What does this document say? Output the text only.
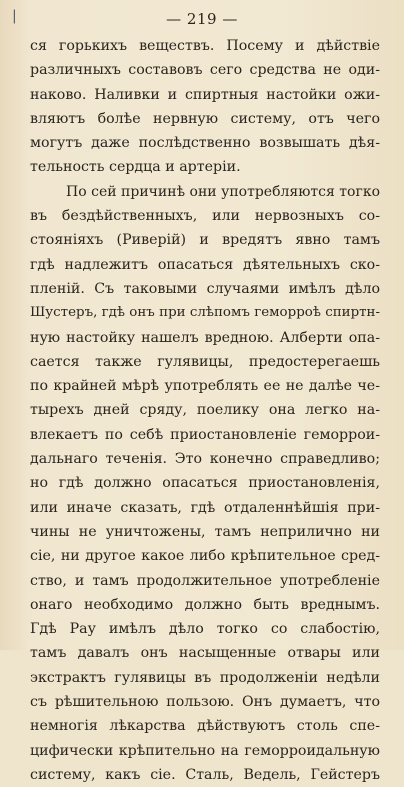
|	— 219 —
ся горькихъ веществъ. Посему и дѣйствіе
различныхъ составовъ сего средства не оди-
наково. Наливки и спиртныя настойки ожи-
вляютъ болѣе нервную систему, отъ чего
могутъ даже послѣдственно возвышать дѣя-
тельность сердца и артеріи.
По сей причинѣ они употребляются тогко
въ бездѣйственныхъ, или нервозныхъ со-
стояніяхъ (Риверій) и вредятъ явно тамъ
гдѣ надлежитъ опасаться дѣятельныхъ ско-
пленій. Съ таковыми случаями имѣлъ дѣло
Шустеръ, гдѣ онъ при слѣпомъ геморроѣ спиртн-
ную настойку нашелъ вредною. Алберти опа-
сается также гулявицы, предостерегаешь
по крайней мѣрѣ употреблять ее не далѣе че-
тырехъ дней сряду, поелику она легко на-
влекаетъ по себѣ приостановленіе геморрои-
дальнаго теченія. Это конечно справедливо;
но гдѣ должно опасаться приостановленія,
или иначе сказать, гдѣ отдаленнѣйшія при-
чины не уничтожены, тамъ неприлично ни
сіе, ни другое какое либо крѣпительное сред-
ство, и тамъ продолжительное употребленіе
онаго необходимо должно быть вреднымъ.
Гдѣ Рау имѣлъ дѣло тогко со слабостію,
тамъ давалъ онъ насыщенные отвары или
экстрактъ гулявицы въ продолженіи недѣли
съ рѣшительною пользою. Онъ думаетъ, что
немногія лѣкарства дѣйствуютъ столь спе-
цифически крѣпительно на геморроидальную
систему, какъ сіе. Сталь, Ведель, Гейстеръ
